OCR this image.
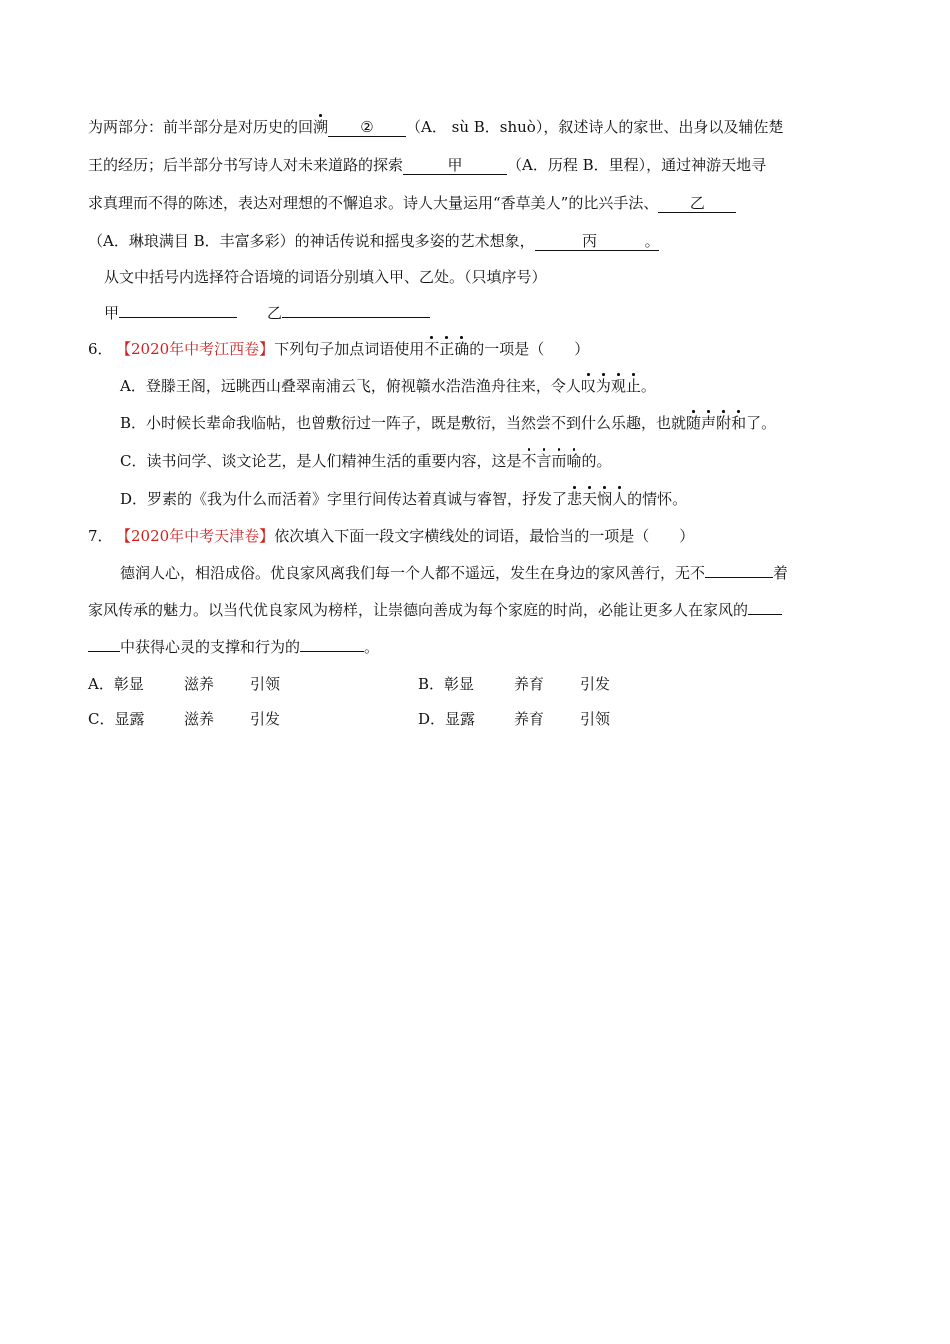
为两部分：前半部分是对历史的回溯 ② （A． sù B．shuò），叙述诗人的家世、出身以及辅佐楚
王的经历；后半部分书写诗人对未来道路的探索	甲	（A．历程 B．里程），通过神游天地寻
求真理而不得的陈述，表达对理想的不懈追求。诗人大量运用“香草美人”的比兴手法、 乙
（A．琳琅满目 B．丰富多彩）的神话传说和摇曳多姿的艺术想象，	丙	。
从文中括号内选择符合语境的词语分别填入甲、乙处。（只填序号）
甲	乙
6． 【2020年中考江西卷】下列句子加点词语使用不正确的一项是（　　）
A．登滕王阁，远眺西山叠翠南浦云飞，俯视赣水浩浩渔舟往来，令人叹为观止。
B．小时候长辈命我临帖，也曾敷衍过一阵子，既是敷衍，当然尝不到什么乐趣，也就随声附和了。
C．读书问学、谈文论艺，是人们精神生活的重要内容，这是不言而喻的。
D．罗素的《我为什么而活着》字里行间传达着真诚与睿智，抒发了悲天悯人的情怀。
7． 【2020年中考天津卷】依次填入下面一段文字横线处的词语，最恰当的一项是（　　）
德润人心，相沿成俗。优良家风离我们每一个人都不遥远，发生在身边的家风善行，无不	着
家风传承的魅力。以当代优良家风为榜样，让崇德向善成为每个家庭的时尚，必能让更多人在家风的
中获得心灵的支撑和行为的	。
A．彰显	滋养 引领	B．彰显	养育 引发
C．显露	滋养 引发	D．显露	养育 引领
